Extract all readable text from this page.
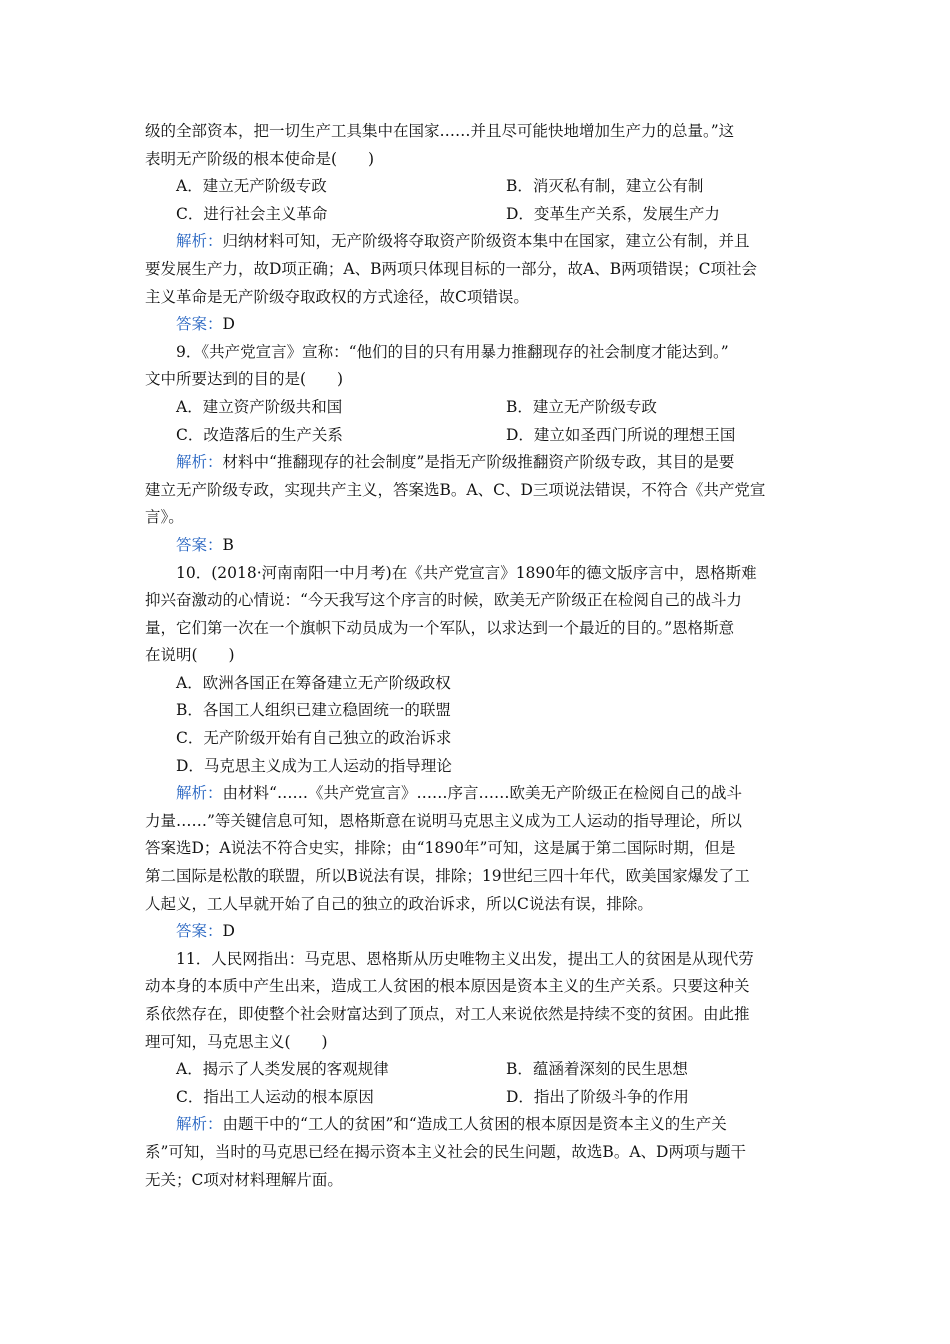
级的全部资本，把一切生产工具集中在国家……并且尽可能快地增加生产力的总量。”这
表明无产阶级的根本使命是(　　)
A．建立无产阶级专政	B．消灭私有制，建立公有制
C．进行社会主义革命	D．变革生产关系，发展生产力
解析：归纳材料可知，无产阶级将夺取资产阶级资本集中在国家，建立公有制，并且
要发展生产力，故D项正确；A、B两项只体现目标的一部分，故A、B两项错误；C项社会
主义革命是无产阶级夺取政权的方式途径，故C项错误。
答案：D
9．《共产党宣言》宣称：“他们的目的只有用暴力推翻现存的社会制度才能达到。”
文中所要达到的目的是(　　)
A．建立资产阶级共和国	B．建立无产阶级专政
C．改造落后的生产关系	D．建立如圣西门所说的理想王国
解析：材料中“推翻现存的社会制度”是指无产阶级推翻资产阶级专政，其目的是要
建立无产阶级专政，实现共产主义，答案选B。A、C、D三项说法错误，不符合《共产党宣
言》。
答案：B
10．(2018·河南南阳一中月考)在《共产党宣言》1890年的德文版序言中，恩格斯难
抑兴奋激动的心情说：“今天我写这个序言的时候，欧美无产阶级正在检阅自己的战斗力
量，它们第一次在一个旗帜下动员成为一个军队，以求达到一个最近的目的。”恩格斯意
在说明(　　)
A．欧洲各国正在筹备建立无产阶级政权
B．各国工人组织已建立稳固统一的联盟
C．无产阶级开始有自己独立的政治诉求
D．马克思主义成为工人运动的指导理论
解析：由材料“……《共产党宣言》……序言……欧美无产阶级正在检阅自己的战斗
力量……”等关键信息可知，恩格斯意在说明马克思主义成为工人运动的指导理论，所以
答案选D；A说法不符合史实，排除；由“1890年”可知，这是属于第二国际时期，但是
第二国际是松散的联盟，所以B说法有误，排除；19世纪三四十年代，欧美国家爆发了工
人起义，工人早就开始了自己的独立的政治诉求，所以C说法有误，排除。
答案：D
11．人民网指出：马克思、恩格斯从历史唯物主义出发，提出工人的贫困是从现代劳
动本身的本质中产生出来，造成工人贫困的根本原因是资本主义的生产关系。只要这种关
系依然存在，即使整个社会财富达到了顶点，对工人来说依然是持续不变的贫困。由此推
理可知，马克思主义(　　)
A．揭示了人类发展的客观规律	B．蕴涵着深刻的民生思想
C．指出工人运动的根本原因	D．指出了阶级斗争的作用
解析：由题干中的“工人的贫困”和“造成工人贫困的根本原因是资本主义的生产关
系”可知，当时的马克思已经在揭示资本主义社会的民生问题，故选B。A、D两项与题干
无关；C项对材料理解片面。
